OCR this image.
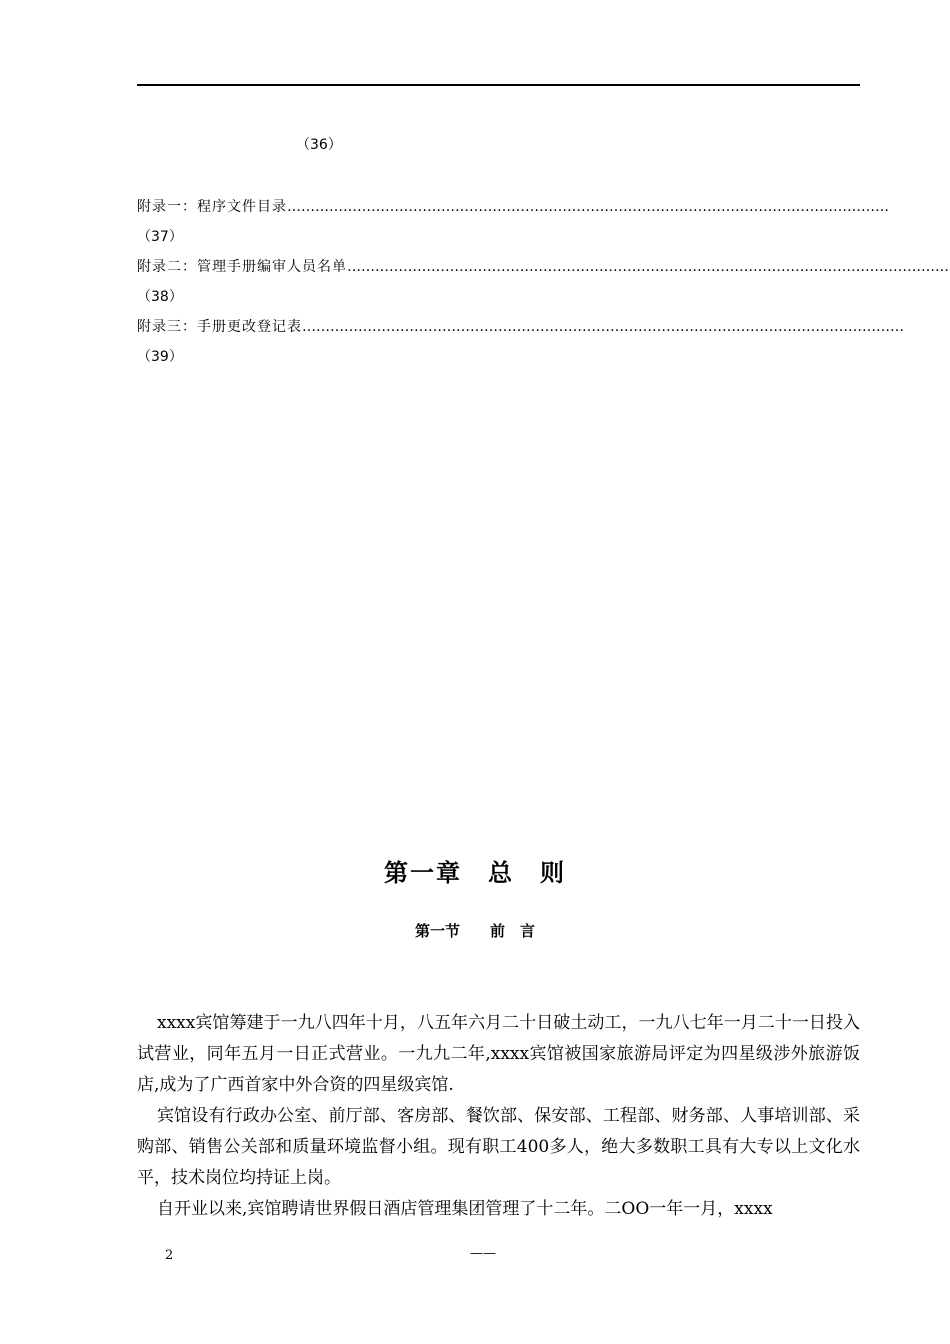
（36）
附录一：程序文件目录 …………………………………………………………………………………………………………………
（37）
附录二：管理手册编审人员名单 …………………………………………………………………………………………………………………
（38）
附录三：手册更改登记表 …………………………………………………………………………………………………………………
（39）
第一章　总　则
第一节　　前　言

xxxx宾馆筹建于一九八四年十月，八五年六月二十日破土动工，一九八七年一月二十一日投入试营业，同年五月一日正式营业。一九九二年,xxxx宾馆被国家旅游局评定为四星级涉外旅游饭店,成为了广西首家中外合资的四星级宾馆.

宾馆设有行政办公室、前厅部、客房部、餐饮部、保安部、工程部、财务部、人事培训部、采购部、销售公关部和质量环境监督小组。现有职工400多人，绝大多数职工具有大专以上文化水平，技术岗位均持证上岗。

自开业以来,宾馆聘请世界假日酒店管理集团管理了十二年。二OO一年一月，xxxx

2	——
